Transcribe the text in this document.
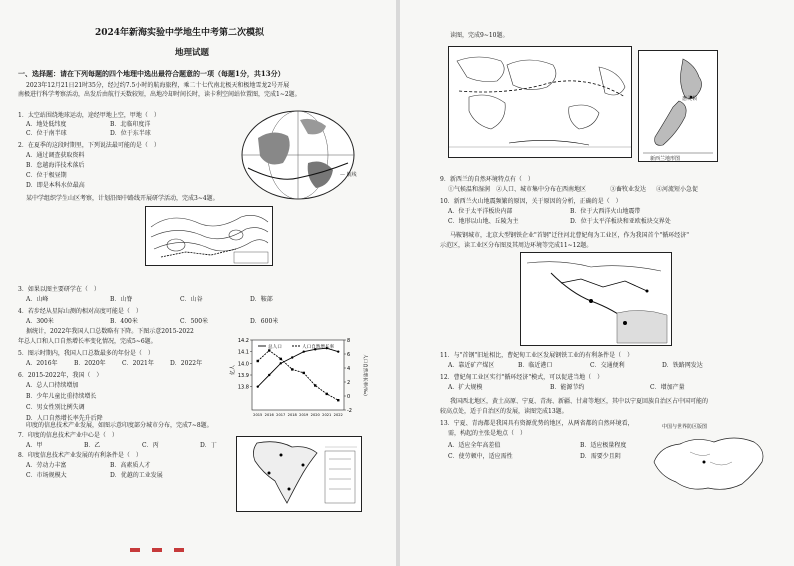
2024年新海实验中学地生中考第二次模拟
地理试题
一、选择题：请在下列每题的四个地理中选出最符合题意的一项（每题1分，共13分）
2023年12月21日21时35分，经过约7.5小时的航海旅程，乘二十七代南北极天和极地雪龙2号开展
南极进行科学考察活动，出发后由航行天数较短，出地冷却时间长时，读卡利空间站位置图，完成1~2题。
1．太空站围绕地球运动，途经甲地上空，甲地（　）
A．地处低纬度	B．北临印度洋
C．位于南半球	D．位于东半球
2．在夏季的这段时期里，下列说法最可能的是（　）
A．通过调查获取资料
B．怠越海洋技术落后
C．位于极昼期
D．即是本科水位最高
— 航线
某中学组织学生山区考察，计划沿图中路线开展研学活动，完成3~4题。
3．如果以图主要研学在（　）
A．山峰	B．山脊	C．山谷	D．鞍部
4．若步经从星际山测的相对高度可能是（　）
A．300米	B．400米	C．500米	D．600米
据统计，2022年我国人口总数略有下降。下图示意2015-2022
年总人口和人口自然增长率变化情况，完成5~6题。
5．图示时期内，我国人口总数最多的年份是（　）
A．2016年	B．2020年	C．2021年	D．2022年
6．2015-2022年，我国（　）
A．总人口持续增加
B．少年儿童比重持续增长
C．男女性别比例失调
D．人口自然增长率先升后降
14.2
14.1
14.0
13.9
13.8
8
6
4
2
0
-2
2015 2016 2017 2018 2019 2020 2021 2022
总人口	人口自然增长率
亿人	人口自然增长率(‰)
印度的信息技术产业发展，如图示意印度部分城市分布，完成7~8题。
7．印度的信息技术产业中心是（　）
A．甲	B．乙	C．丙	D．丁
8．印度信息技术产业发展的有利条件是（　）
A．劳动力丰富	B．高素质人才
C．市场规模大	D．优越的工业发展
读图，完成9~10题。
惠灵顿
新西兰地形图
9．新西兰的自然环境特点有（　）
①气候温和湿润 ②人口、城市集中分布在西南地区	③畜牧业发达 ④河流短小急促
10．新西兰火山地震频繁的原因，关于原因的分析，正确的是（　）
A．位于太平洋板块内部	B．位于大西洋火山地震带
C．地形以山地、丘陵为主	D．位于太平洋板块和亚欧板块交界处
马鞍钢城市，北京大型钢铁企业"首钢"迁往河北曹妃甸为工业区，作为我国首个"循环经济"
示范区，读工业区分布图及其周边环境等完成11~12题。
11．与"首钢"旧址相比，曹妃甸工业区发展钢铁工业的有利条件是（　）
A．靠近矿产煤区	B．临近港口	C．交通便利	D．铁路网发达
12．曹妃甸工业区实行"循环经济"模式，可以促进当地（　）
A．扩大规模	B．能源节约	C．增加产量
我国西北地区，黄土高原、宁夏、青海、新疆、甘肃等地区，其中以宁夏回族自治区占中国可能的
较高点处，适于自治区的发展，读图完成13题。
13．宁夏、青海都是我国具有资源优势的地区，从两省都的自然环境看，
需，构起的主张是地点（　）
A．适应全年高差值	B．适应极量程度
C．使劳顿中，适应需性	D．需要少且阴
中国与世界防区版图
